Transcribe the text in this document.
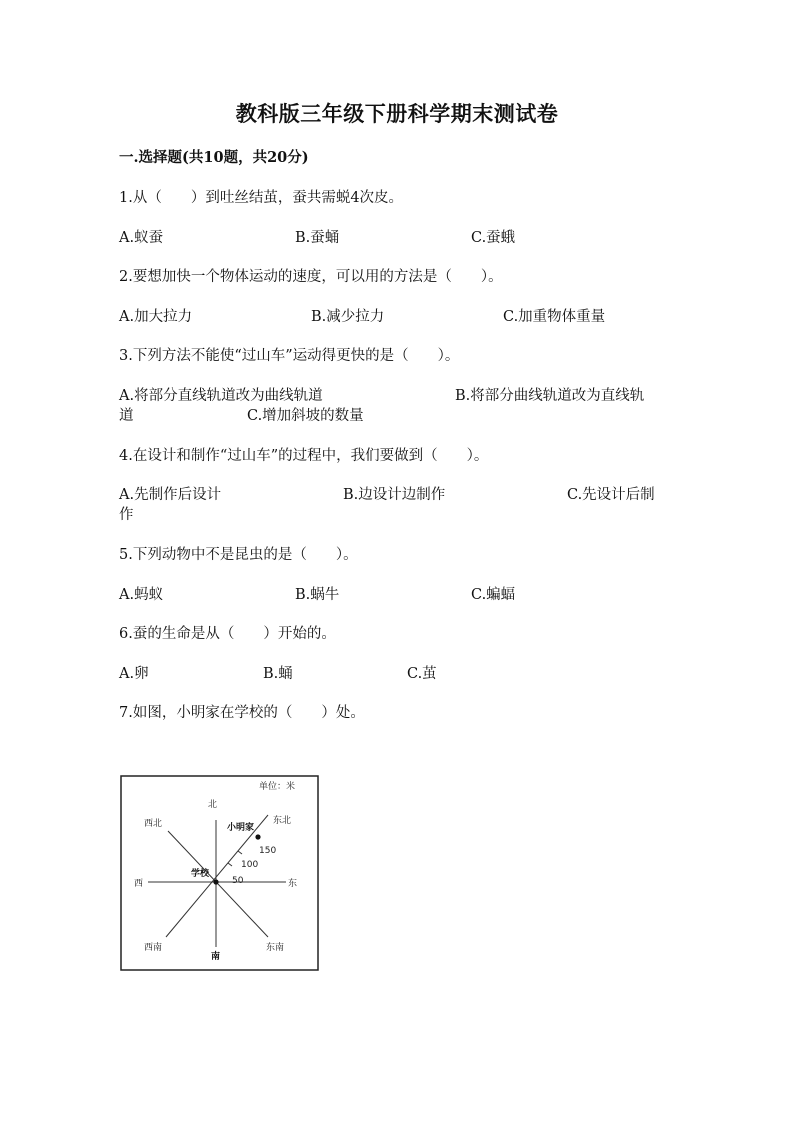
教科版三年级下册科学期末测试卷
一.选择题(共10题，共20分)
1.从（　　）到吐丝结茧，蚕共需蜕4次皮。
A.蚁蚕	B.蚕蛹	C.蚕蛾
2.要想加快一个物体运动的速度，可以用的方法是（　　）。
A.加大拉力	B.减少拉力	C.加重物体重量
3.下列方法不能使“过山车”运动得更快的是（　　）。
A.将部分直线轨道改为曲线轨道	B.将部分曲线轨道改为直线轨
道	C.增加斜坡的数量
4.在设计和制作“过山车”的过程中，我们要做到（　　）。
A.先制作后设计	B.边设计边制作	C.先设计后制
作
5.下列动物中不是昆虫的是（　　）。
A.蚂蚁	B.蜗牛	C.蝙蝠
6.蚕的生命是从（　　）开始的。
A.卵	B.蛹	C.茧
7.如图，小明家在学校的（　　）处。
单位：米
北
南
东
西
东北
西北
东南
西南
小明家
学校
50
100
150
